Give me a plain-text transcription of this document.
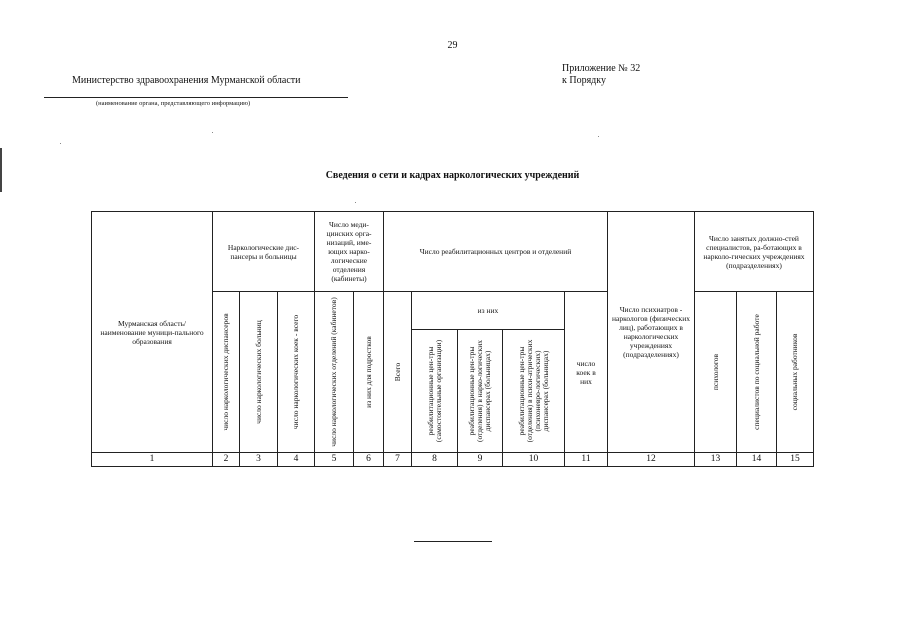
29
Приложение № 32
к Порядку
Министерство здравоохранения Мурманской области
(наименование органа, представляющего информацию)
Сведения о сети и кадрах наркологических учреждений
Мурманская область/ наименование муници-пального образования	Наркологические дис-пансеры и больницы			Число меди-цинских орга-низаций, име-ющих нарко-логические отделения (кабинеты)		Число реабилитационных центров и отделений					Число психиатров - наркологов (физических лиц), работающих в наркологических учреждениях (подразделениях)	Число занятых должно-стей специалистов, ра-ботающих в нарколо-гических учреждениях (подразделениях)		

	число наркологических диспансеров	число наркологических больниц	число наркологических коек - всего	число наркологических отделений (кабинетов)	из них для подростков	Всего	из них			число коек в них		психологов	специалистов по социальной работе	социальных работников

							реабилитационные цен-тры (самостоятельные организации)	реабилитационные цен-тры (отделения) в нарко-логических диспансерах (больницах)	реабилитационные цен-тры (отделения) в психи-атрических (психоневро-логических) диспансерах (больницах)					

1	2	3	4	5	6	7	8	9	10	11	12	13	14	15
